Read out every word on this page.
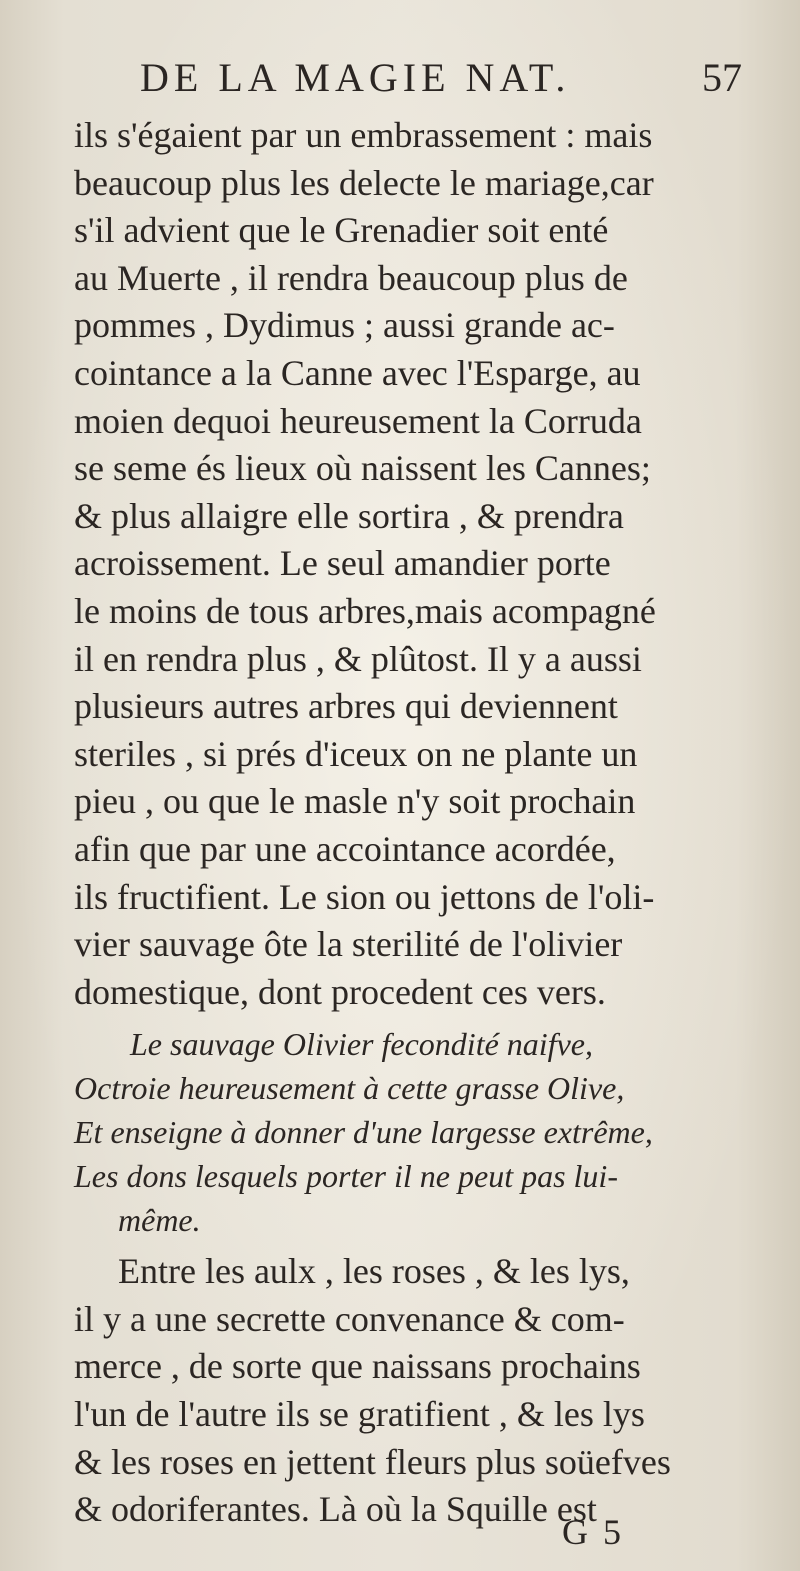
DE LA MAGIE NAT.	57
ils s'égaient par un embrassement : mais
beaucoup plus les delecte le mariage,car
s'il advient que le Grenadier soit enté
au Muerte , il rendra beaucoup plus de
pommes , Dydimus ; aussi grande ac-
cointance a la Canne avec l'Esparge, au
moien dequoi heureusement la Corruda
se seme és lieux où naissent les Cannes;
& plus allaigre elle sortira , & prendra
acroissement. Le seul amandier porte
le moins de tous arbres,mais acompagné
il en rendra plus , & plûtost. Il y a aussi
plusieurs autres arbres qui deviennent
steriles , si prés d'iceux on ne plante un
pieu , ou que le masle n'y soit prochain
afin que par une accointance acordée,
ils fructifient. Le sion ou jettons de l'oli-
vier sauvage ôte la sterilité de l'olivier
domestique, dont procedent ces vers.
Le sauvage Olivier fecondité naifve,
Octroie heureusement à cette grasse Olive,
Et enseigne à donner d'une largesse extrême,
Les dons lesquels porter il ne peut pas lui-
même.
Entre les aulx , les roses , & les lys,
il y a une secrette convenance & com-
merce , de sorte que naissans prochains
l'un de l'autre ils se gratifient , & les lys
& les roses en jettent fleurs plus soüefves
& odoriferantes. Là où la Squille est
G 5
